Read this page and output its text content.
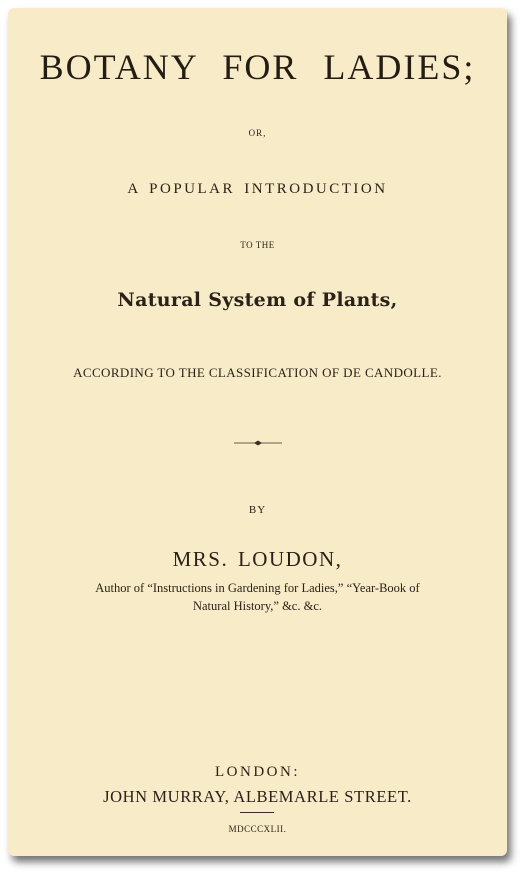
BOTANY FOR LADIES;
OR,
A POPULAR INTRODUCTION
TO THE
Natural System of Plants,
ACCORDING TO THE CLASSIFICATION OF DE CANDOLLE.
BY
MRS. LOUDON,
Author of “Instructions in Gardening for Ladies,” “Year-Book of
Natural History,” &c. &c.
LONDON:
JOHN MURRAY, ALBEMARLE STREET.
MDCCCXLII.
